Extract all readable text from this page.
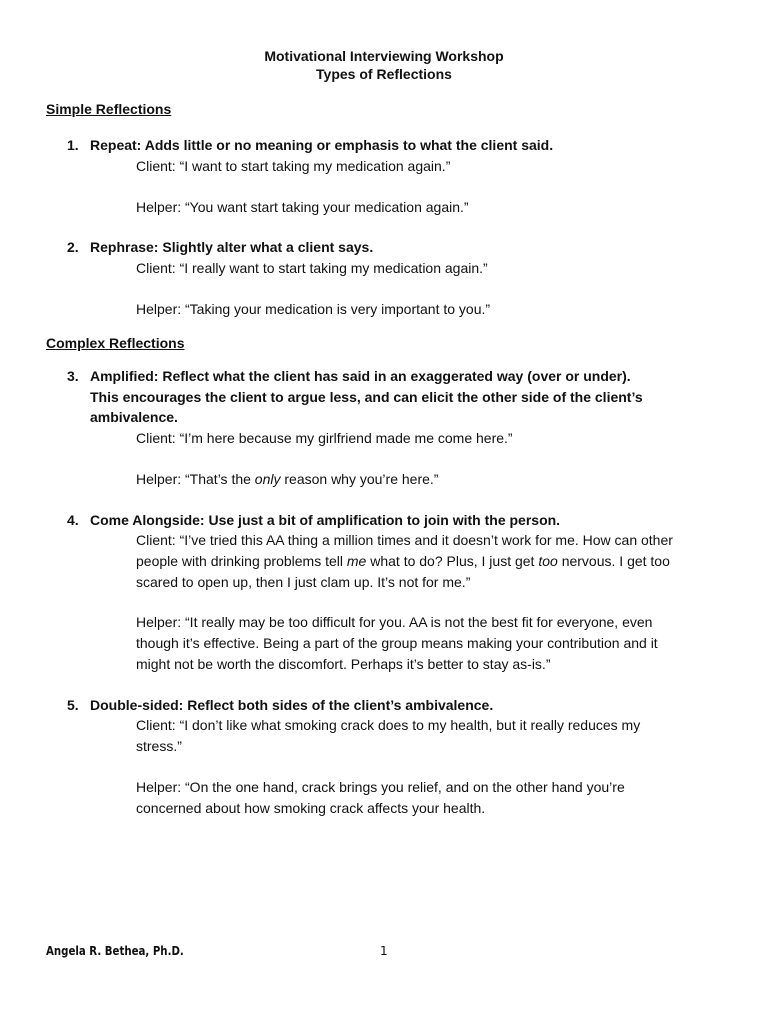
Motivational Interviewing Workshop
Types of Reflections
Simple Reflections
1. Repeat: Adds little or no meaning or emphasis to what the client said.
Client: “I want to start taking my medication again.”
Helper: “You want start taking your medication again.”
2. Rephrase: Slightly alter what a client says.
Client: “I really want to start taking my medication again.”
Helper: “Taking your medication is very important to you.”
Complex Reflections
3. Amplified: Reflect what the client has said in an exaggerated way (over or under).
This encourages the client to argue less, and can elicit the other side of the client’s
ambivalence.
Client: “I’m here because my girlfriend made me come here.”
Helper: “That’s the only reason why you’re here.”
4. Come Alongside: Use just a bit of amplification to join with the person.
Client: “I’ve tried this AA thing a million times and it doesn’t work for me. How can other
people with drinking problems tell me what to do? Plus, I just get too nervous. I get too
scared to open up, then I just clam up. It’s not for me.”
Helper: “It really may be too difficult for you. AA is not the best fit for everyone, even
though it’s effective. Being a part of the group means making your contribution and it
might not be worth the discomfort. Perhaps it’s better to stay as-is.”
5. Double-sided: Reflect both sides of the client’s ambivalence.
Client: “I don’t like what smoking crack does to my health, but it really reduces my
stress.”
Helper: “On the one hand, crack brings you relief, and on the other hand you’re
concerned about how smoking crack affects your health.
Angela R. Bethea, Ph.D.	1
